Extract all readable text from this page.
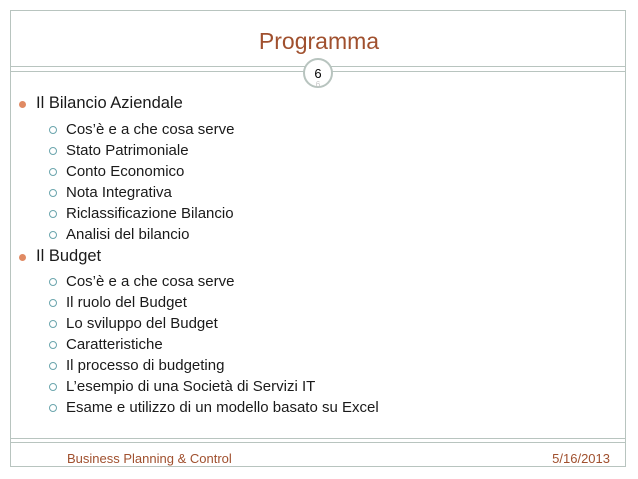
Programma
6
6
Il Bilancio Aziendale
Cos’è e a che cosa serve
Stato Patrimoniale
Conto Economico
Nota Integrativa
Riclassificazione Bilancio
Analisi del bilancio
Il Budget
Cos’è e a che cosa serve
Il ruolo del Budget
Lo sviluppo del Budget
Caratteristiche
Il processo di budgeting
L’esempio di una Società di Servizi IT
Esame e utilizzo di un modello basato su Excel
Business Planning & Control	5/16/2013
